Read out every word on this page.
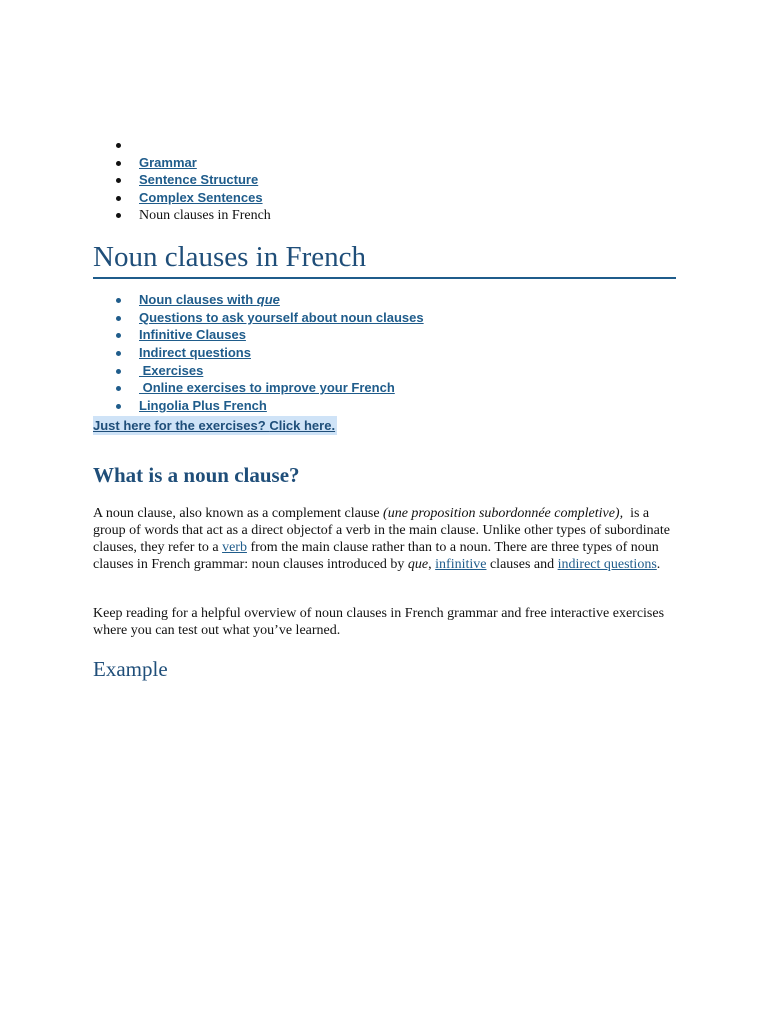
Grammar
Sentence Structure
Complex Sentences
Noun clauses in French
Noun clauses in French
Noun clauses with que
Questions to ask yourself about noun clauses
Infinitive Clauses
Indirect questions
Exercises
Online exercises to improve your French
Lingolia Plus French
Just here for the exercises? Click here.
What is a noun clause?

A noun clause, also known as a complement clause (une proposition subordonnée completive),  is a group of words that act as a direct objectof a verb in the main clause. Unlike other types of subordinate clauses, they refer to a verb from the main clause rather than to a noun. There are three types of noun clauses in French grammar: noun clauses introduced by que, infinitive clauses and indirect questions.

Keep reading for a helpful overview of noun clauses in French grammar and free interactive exercises where you can test out what you’ve learned.

Example
